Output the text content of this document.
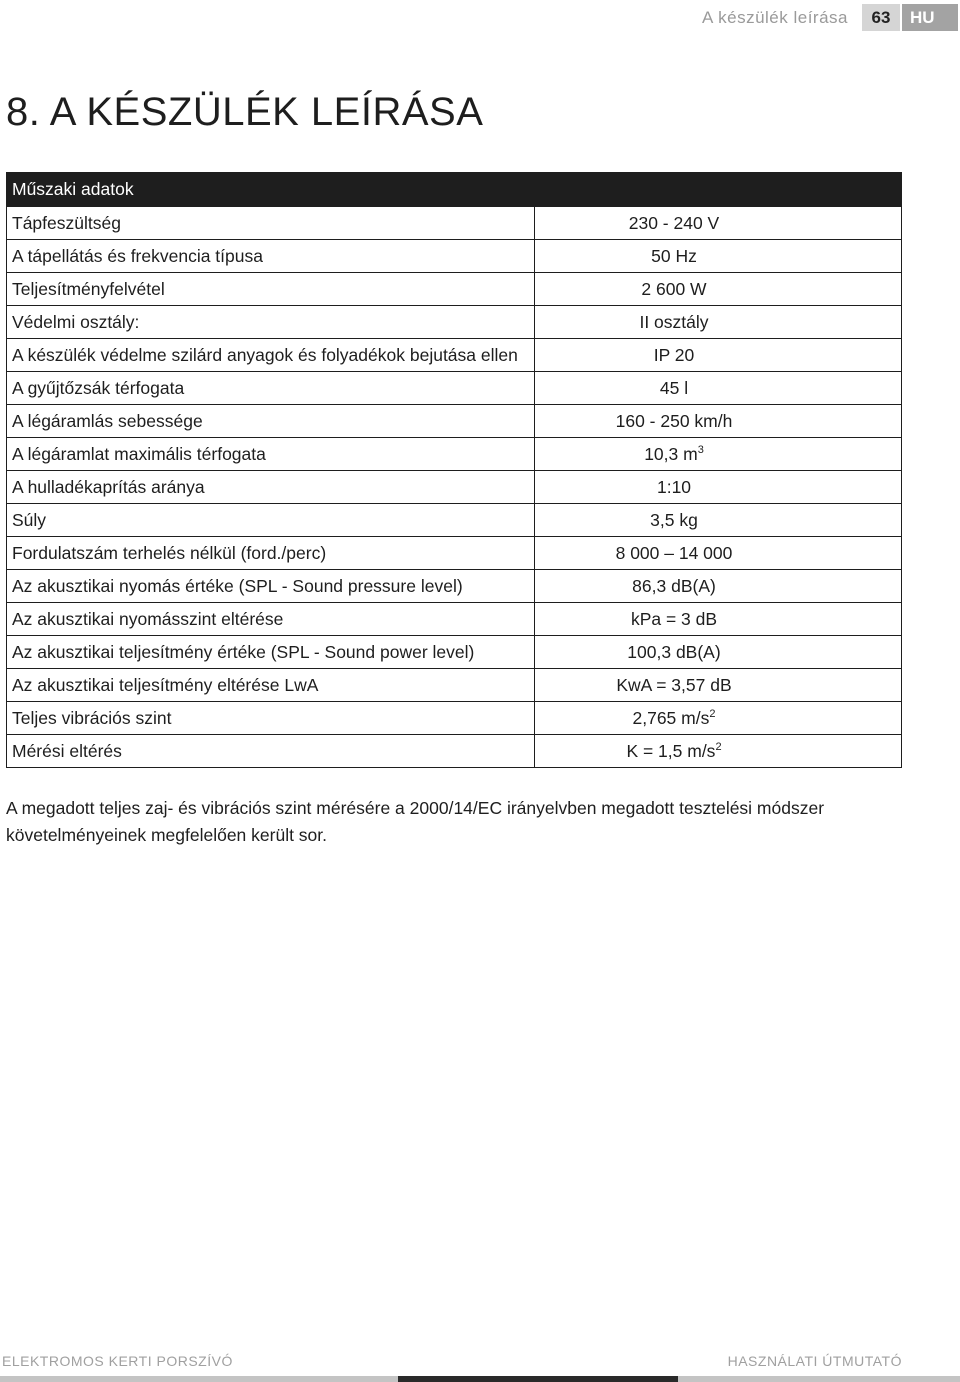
A készülék leírása	63	HU
8. A KÉSZÜLÉK LEÍRÁSA
Műszaki adatok	
Tápfeszültség	230 - 240 V
A tápellátás és frekvencia típusa	50 Hz
Teljesítményfelvétel	2 600 W
Védelmi osztály:	II osztály
A készülék védelme szilárd anyagok és folyadékok bejutása ellen	IP 20
A gyűjtőzsák térfogata	45 l
A légáramlás sebessége	160 - 250 km/h
A légáramlat maximális térfogata	10,3 $m^3$
A hulladékaprítás aránya	1:10
Súly	3,5 kg
Fordulatszám terhelés nélkül (ford./perc)	8 000 – 14 000
Az akusztikai nyomás értéke (SPL - Sound pressure level)	86,3 dB(A)
Az akusztikai nyomásszint eltérése	kPa = 3 dB
Az akusztikai teljesítmény értéke (SPL - Sound power level)	100,3 dB(A)
Az akusztikai teljesítmény eltérése LwA	KwA = 3,57 dB
Teljes vibrációs szint	2,765 $m/s^2$
Mérési eltérés	K = 1,5 $m/s^2$

A megadott teljes zaj- és vibrációs szint mérésére a 2000/14/EC irányelvben megadott tesztelési módszer követelményeinek megfelelően került sor.

ELEKTROMOS KERTI PORSZÍVÓ	HASZNÁLATI ÚTMUTATÓ
